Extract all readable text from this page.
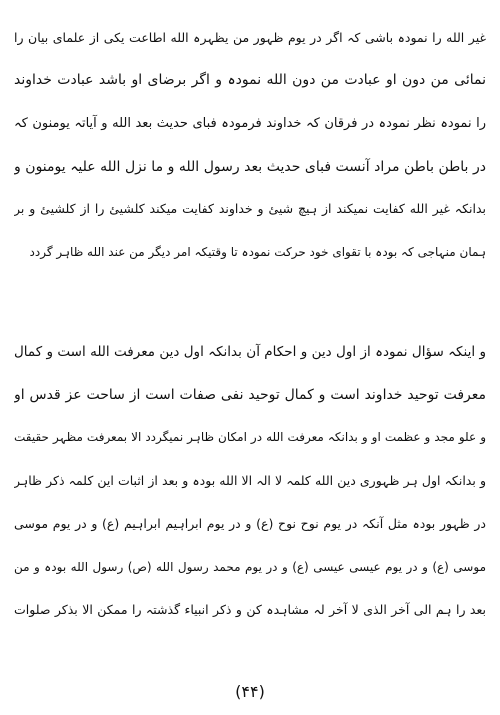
غیر الله را نمودہ باشی کہ اگر در یوم ظہور من یظہرہ الله اطاعت یکی از علمای بیان را
نمائی من دون او عبادت من دون الله نمودہ و اگر برضای او باشد عبادت خداوند
را نمودہ نظر نمودہ در فرقان کہ خداوند فرمودہ فبای حدیث بعد الله و آیاتہ یومنون کہ
در باطن باطن مراد آنست فبای حدیث بعد رسول الله و ما نزل الله علیہ یومنون و
بدانکہ غیر الله کفایت نمیکند از ہیچ شیئ و خداوند کفایت میکند کلشیئ را از کلشیئ و بر
ہمان منہاجی کہ بودہ با تقوای خود حرکت نمودہ تا وقتیکہ امر دیگر من عند الله ظاہر گردد
و اینکہ سؤال نمودہ از اول دین و احکام آن بدانکہ اول دین معرفت الله است و کمال
معرفت توحید خداوند است و کمال توحید نفی صفات است از ساحت عز قدس او
و علو مجد و عظمت او و بدانکہ معرفت الله در امکان ظاہر نمیگردد الا بمعرفت مظہر حقیقت
و بدانکہ اول ہر ظہوری دین الله کلمہ لا الہ الا الله بودہ و بعد از اثبات این کلمہ ذکر ظاہر
در ظہور بودہ مثل آنکہ در یوم نوح نوح (ع) و در یوم ابراہیم ابراہیم (ع) و در یوم موسی
موسی (ع) و در یوم عیسی عیسی (ع) و در یوم محمد رسول الله (ص) رسول الله بودہ و من
بعد را ہم الی آخر الذی لا آخر لہ مشاہدہ کن و ذکر انبیاء گذشتہ را ممکن الا بذکر صلوات
(۴۴)
